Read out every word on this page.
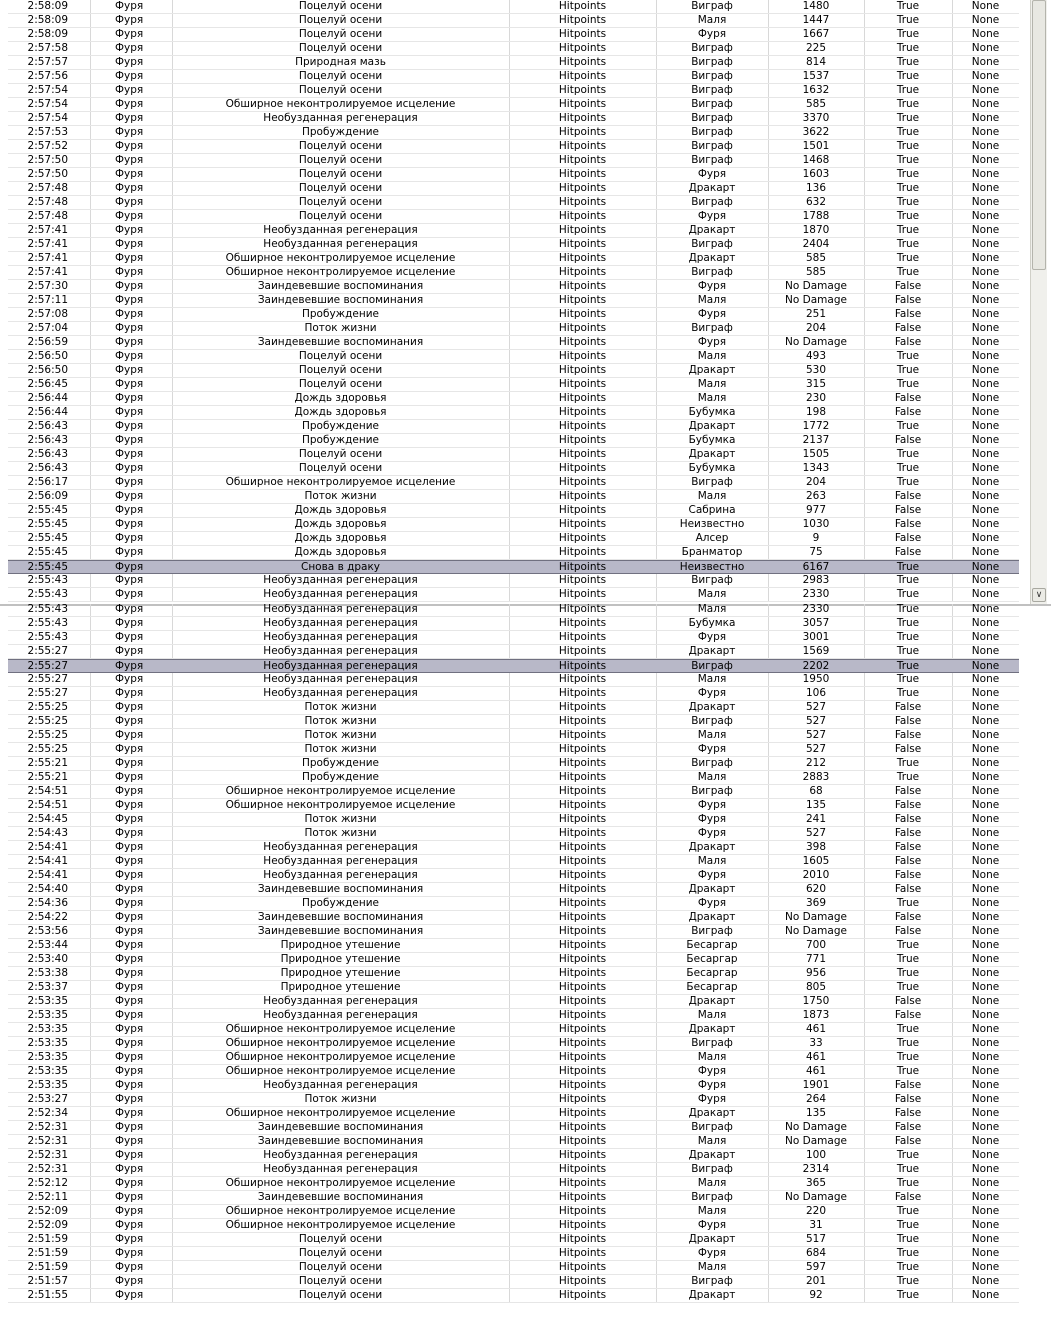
2:58:09	Фуря	Поцелуй осени	Hitpoints	Виграф	1480	True	None
2:58:09	Фуря	Поцелуй осени	Hitpoints	Маля	1447	True	None
2:58:09	Фуря	Поцелуй осени	Hitpoints	Фуря	1667	True	None
2:57:58	Фуря	Поцелуй осени	Hitpoints	Виграф	225	True	None
2:57:57	Фуря	Природная мазь	Hitpoints	Виграф	814	True	None
2:57:56	Фуря	Поцелуй осени	Hitpoints	Виграф	1537	True	None
2:57:54	Фуря	Поцелуй осени	Hitpoints	Виграф	1632	True	None
2:57:54	Фуря	Обширное неконтролируемое исцеление	Hitpoints	Виграф	585	True	None
2:57:54	Фуря	Необузданная регенерация	Hitpoints	Виграф	3370	True	None
2:57:53	Фуря	Пробуждение	Hitpoints	Виграф	3622	True	None
2:57:52	Фуря	Поцелуй осени	Hitpoints	Виграф	1501	True	None
2:57:50	Фуря	Поцелуй осени	Hitpoints	Виграф	1468	True	None
2:57:50	Фуря	Поцелуй осени	Hitpoints	Фуря	1603	True	None
2:57:48	Фуря	Поцелуй осени	Hitpoints	Дракарт	136	True	None
2:57:48	Фуря	Поцелуй осени	Hitpoints	Виграф	632	True	None
2:57:48	Фуря	Поцелуй осени	Hitpoints	Фуря	1788	True	None
2:57:41	Фуря	Необузданная регенерация	Hitpoints	Дракарт	1870	True	None
2:57:41	Фуря	Необузданная регенерация	Hitpoints	Виграф	2404	True	None
2:57:41	Фуря	Обширное неконтролируемое исцеление	Hitpoints	Дракарт	585	True	None
2:57:41	Фуря	Обширное неконтролируемое исцеление	Hitpoints	Виграф	585	True	None
2:57:30	Фуря	Заиндевевшие воспоминания	Hitpoints	Фуря	No Damage	False	None
2:57:11	Фуря	Заиндевевшие воспоминания	Hitpoints	Маля	No Damage	False	None
2:57:08	Фуря	Пробуждение	Hitpoints	Фуря	251	False	None
2:57:04	Фуря	Поток жизни	Hitpoints	Виграф	204	False	None
2:56:59	Фуря	Заиндевевшие воспоминания	Hitpoints	Фуря	No Damage	False	None
2:56:50	Фуря	Поцелуй осени	Hitpoints	Маля	493	True	None
2:56:50	Фуря	Поцелуй осени	Hitpoints	Дракарт	530	True	None
2:56:45	Фуря	Поцелуй осени	Hitpoints	Маля	315	True	None
2:56:44	Фуря	Дождь здоровья	Hitpoints	Маля	230	False	None
2:56:44	Фуря	Дождь здоровья	Hitpoints	Бубумка	198	False	None
2:56:43	Фуря	Пробуждение	Hitpoints	Дракарт	1772	True	None
2:56:43	Фуря	Пробуждение	Hitpoints	Бубумка	2137	False	None
2:56:43	Фуря	Поцелуй осени	Hitpoints	Дракарт	1505	True	None
2:56:43	Фуря	Поцелуй осени	Hitpoints	Бубумка	1343	True	None
2:56:17	Фуря	Обширное неконтролируемое исцеление	Hitpoints	Виграф	204	True	None
2:56:09	Фуря	Поток жизни	Hitpoints	Маля	263	False	None
2:55:45	Фуря	Дождь здоровья	Hitpoints	Сабрина	977	False	None
2:55:45	Фуря	Дождь здоровья	Hitpoints	Неизвестно	1030	False	None
2:55:45	Фуря	Дождь здоровья	Hitpoints	Алсер	9	False	None
2:55:45	Фуря	Дождь здоровья	Hitpoints	Бранматор	75	False	None
2:55:45	Фуря	Снова в драку	Hitpoints	Неизвестно	6167	True	None
2:55:43	Фуря	Необузданная регенерация	Hitpoints	Виграф	2983	True	None
2:55:43	Фуря	Необузданная регенерация	Hitpoints	Маля	2330	True	None	∨
2:55:43	Фуря	Необузданная регенерация	Hitpoints	Маля	2330	True	None
2:55:43	Фуря	Необузданная регенерация	Hitpoints	Бубумка	3057	True	None
2:55:43	Фуря	Необузданная регенерация	Hitpoints	Фуря	3001	True	None
2:55:27	Фуря	Необузданная регенерация	Hitpoints	Дракарт	1569	True	None
2:55:27	Фуря	Необузданная регенерация	Hitpoints	Виграф	2202	True	None
2:55:27	Фуря	Необузданная регенерация	Hitpoints	Маля	1950	True	None
2:55:27	Фуря	Необузданная регенерация	Hitpoints	Фуря	106	True	None
2:55:25	Фуря	Поток жизни	Hitpoints	Дракарт	527	False	None
2:55:25	Фуря	Поток жизни	Hitpoints	Виграф	527	False	None
2:55:25	Фуря	Поток жизни	Hitpoints	Маля	527	False	None
2:55:25	Фуря	Поток жизни	Hitpoints	Фуря	527	False	None
2:55:21	Фуря	Пробуждение	Hitpoints	Виграф	212	True	None
2:55:21	Фуря	Пробуждение	Hitpoints	Маля	2883	True	None
2:54:51	Фуря	Обширное неконтролируемое исцеление	Hitpoints	Виграф	68	False	None
2:54:51	Фуря	Обширное неконтролируемое исцеление	Hitpoints	Фуря	135	False	None
2:54:45	Фуря	Поток жизни	Hitpoints	Фуря	241	False	None
2:54:43	Фуря	Поток жизни	Hitpoints	Фуря	527	False	None
2:54:41	Фуря	Необузданная регенерация	Hitpoints	Дракарт	398	False	None
2:54:41	Фуря	Необузданная регенерация	Hitpoints	Маля	1605	False	None
2:54:41	Фуря	Необузданная регенерация	Hitpoints	Фуря	2010	False	None
2:54:40	Фуря	Заиндевевшие воспоминания	Hitpoints	Дракарт	620	False	None
2:54:36	Фуря	Пробуждение	Hitpoints	Фуря	369	True	None
2:54:22	Фуря	Заиндевевшие воспоминания	Hitpoints	Дракарт	No Damage	False	None
2:53:56	Фуря	Заиндевевшие воспоминания	Hitpoints	Виграф	No Damage	False	None
2:53:44	Фуря	Природное утешение	Hitpoints	Бесаргар	700	True	None
2:53:40	Фуря	Природное утешение	Hitpoints	Бесаргар	771	True	None
2:53:38	Фуря	Природное утешение	Hitpoints	Бесаргар	956	True	None
2:53:37	Фуря	Природное утешение	Hitpoints	Бесаргар	805	True	None
2:53:35	Фуря	Необузданная регенерация	Hitpoints	Дракарт	1750	False	None
2:53:35	Фуря	Необузданная регенерация	Hitpoints	Маля	1873	False	None
2:53:35	Фуря	Обширное неконтролируемое исцеление	Hitpoints	Дракарт	461	True	None
2:53:35	Фуря	Обширное неконтролируемое исцеление	Hitpoints	Виграф	33	True	None
2:53:35	Фуря	Обширное неконтролируемое исцеление	Hitpoints	Маля	461	True	None
2:53:35	Фуря	Обширное неконтролируемое исцеление	Hitpoints	Фуря	461	True	None
2:53:35	Фуря	Необузданная регенерация	Hitpoints	Фуря	1901	False	None
2:53:27	Фуря	Поток жизни	Hitpoints	Фуря	264	False	None
2:52:34	Фуря	Обширное неконтролируемое исцеление	Hitpoints	Дракарт	135	False	None
2:52:31	Фуря	Заиндевевшие воспоминания	Hitpoints	Виграф	No Damage	False	None
2:52:31	Фуря	Заиндевевшие воспоминания	Hitpoints	Маля	No Damage	False	None
2:52:31	Фуря	Необузданная регенерация	Hitpoints	Дракарт	100	True	None
2:52:31	Фуря	Необузданная регенерация	Hitpoints	Виграф	2314	True	None
2:52:12	Фуря	Обширное неконтролируемое исцеление	Hitpoints	Маля	365	True	None
2:52:11	Фуря	Заиндевевшие воспоминания	Hitpoints	Виграф	No Damage	False	None
2:52:09	Фуря	Обширное неконтролируемое исцеление	Hitpoints	Маля	220	True	None
2:52:09	Фуря	Обширное неконтролируемое исцеление	Hitpoints	Фуря	31	True	None
2:51:59	Фуря	Поцелуй осени	Hitpoints	Дракарт	517	True	None
2:51:59	Фуря	Поцелуй осени	Hitpoints	Фуря	684	True	None
2:51:59	Фуря	Поцелуй осени	Hitpoints	Маля	597	True	None
2:51:57	Фуря	Поцелуй осени	Hitpoints	Виграф	201	True	None
2:51:55	Фуря	Поцелуй осени	Hitpoints	Дракарт	92	True	None
